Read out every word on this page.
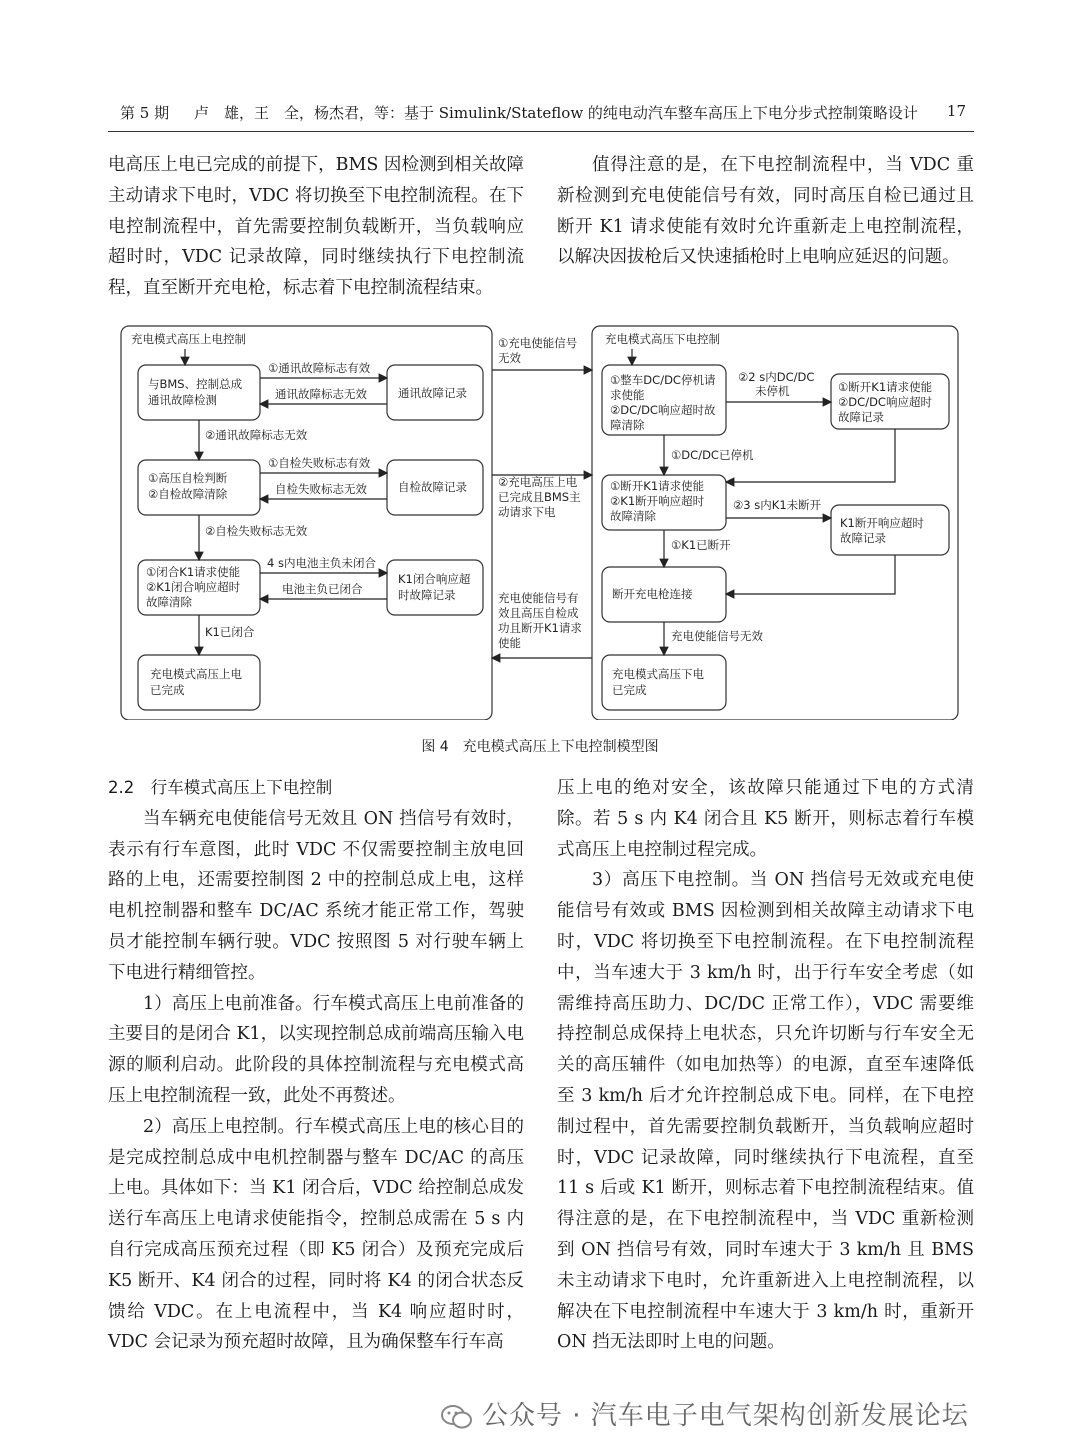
第 5 期 卢　雄，王　全，杨杰君，等：基于 Simulink/Stateflow 的纯电动汽车整车高压上下电分步式控制策略设计 17

电高压上电已完成的前提下，BMS 因检测到相关故障主动请求下电时，VDC 将切换至下电控制流程。在下电控制流程中，首先需要控制负载断开，当负载响应超时时，VDC 记录故障，同时继续执行下电控制流程，直至断开充电枪，标志着下电控制流程结束。

值得注意的是，在下电控制流程中，当 VDC 重新检测到充电使能信号有效，同时高压自检已通过且断开 K1 请求使能有效时允许重新走上电控制流程，以解决因拔枪后又快速插枪时上电响应延迟的问题。

充电模式高压上电控制
与BMS、控制总成
通讯故障检测	通讯故障记录
①通讯故障标志有效
通讯故障标志无效
②通讯故障标志无效
①高压自检判断
②自检故障清除	自检故障记录
①自检失败标志有效
自检失败标志无效
②自检失败标志无效
①闭合K1请求使能
②K1闭合响应超时
故障清除
K1闭合响应超
时故障记录
4 s内电池主负未闭合
电池主负已闭合
K1已闭合
充电模式高压上电
已完成
①充电使能信号
无效
②充电高压上电
已完成且BMS主
动请求下电
充电使能信号有
效且高压自检成
功且断开K1请求
使能
充电模式高压下电控制
①整车DC/DC停机请
求使能
②DC/DC响应超时故
障清除
①断开K1请求使能
②DC/DC响应超时
故障记录
②2 s内DC/DC
未停机
①DC/DC已停机
①断开K1请求使能
②K1断开响应超时
故障清除	K1断开响应超时
故障记录
②3 s内K1未断开
①K1已断开
断开充电枪连接
充电使能信号无效
充电模式高压下电
已完成
图 4　充电模式高压上下电控制模型图

2.2　行车模式高压上下电控制

当车辆充电使能信号无效且 ON 挡信号有效时，表示有行车意图，此时 VDC 不仅需要控制主放电回路的上电，还需要控制图 2 中的控制总成上电，这样电机控制器和整车 DC/AC 系统才能正常工作，驾驶员才能控制车辆行驶。VDC 按照图 5 对行驶车辆上下电进行精细管控。

1）高压上电前准备。行车模式高压上电前准备的主要目的是闭合 K1，以实现控制总成前端高压输入电源的顺利启动。此阶段的具体控制流程与充电模式高压上电控制流程一致，此处不再赘述。

2）高压上电控制。行车模式高压上电的核心目的是完成控制总成中电机控制器与整车 DC/AC 的高压上电。具体如下：当 K1 闭合后，VDC 给控制总成发送行车高压上电请求使能指令，控制总成需在 5 s 内自行完成高压预充过程（即 K5 闭合）及预充完成后 K5 断开、K4 闭合的过程，同时将 K4 的闭合状态反馈给 VDC。在上电流程中，当 K4 响应超时时，VDC 会记录为预充超时故障，且为确保整车行车高

压上电的绝对安全，该故障只能通过下电的方式清除。若 5 s 内 K4 闭合且 K5 断开，则标志着行车模式高压上电控制过程完成。

3）高压下电控制。当 ON 挡信号无效或充电使能信号有效或 BMS 因检测到相关故障主动请求下电时，VDC 将切换至下电控制流程。在下电控制流程中，当车速大于 3 km/h 时，出于行车安全考虑（如需维持高压助力、DC/DC 正常工作），VDC 需要维持控制总成保持上电状态，只允许切断与行车安全无关的高压辅件（如电加热等）的电源，直至车速降低至 3 km/h 后才允许控制总成下电。同样，在下电控制过程中，首先需要控制负载断开，当负载响应超时时，VDC 记录故障，同时继续执行下电流程，直至 11 s 后或 K1 断开，则标志着下电控制流程结束。值得注意的是，在下电控制流程中，当 VDC 重新检测到 ON 挡信号有效，同时车速大于 3 km/h 且 BMS 未主动请求下电时，允许重新进入上电控制流程，以解决在下电控制流程中车速大于 3 km/h 时，重新开 ON 挡无法即时上电的问题。

公众号 · 汽车电子电气架构创新发展论坛
